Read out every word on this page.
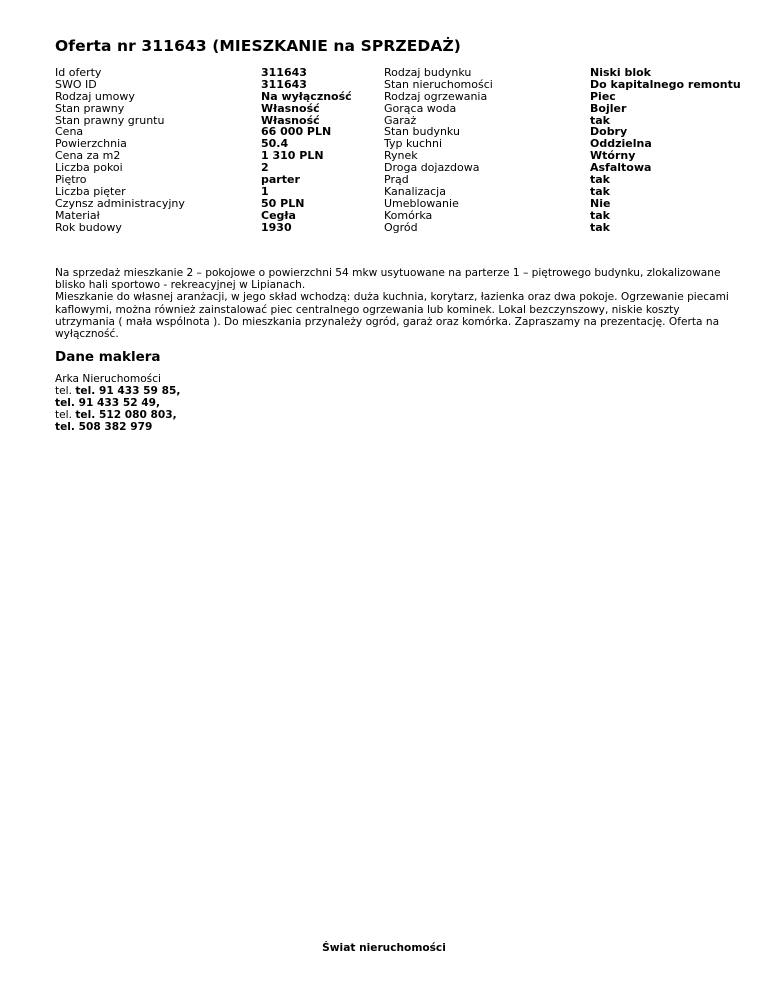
Oferta nr 311643 (MIESZKANIE na SPRZEDAŻ)
Id oferty
SWO ID
Rodzaj umowy
Stan prawny
Stan prawny gruntu
Cena
Powierzchnia
Cena za m2
Liczba pokoi
Piętro
Liczba pięter
Czynsz administracyjny
Materiał
Rok budowy
311643
311643
Na wyłączność
Własność
Własność
66 000 PLN
50.4
1 310 PLN
2
parter
1
50 PLN
Cegła
1930
Rodzaj budynku
Stan nieruchomości
Rodzaj ogrzewania
Gorąca woda
Garaż
Stan budynku
Typ kuchni
Rynek
Droga dojazdowa
Prąd
Kanalizacja
Umeblowanie
Komórka
Ogród
Niski blok
Do kapitalnego remontu
Piec
Bojler
tak
Dobry
Oddzielna
Wtórny
Asfaltowa
tak
tak
Nie
tak
tak

Na sprzedaż mieszkanie 2 – pokojowe o powierzchni 54 mkw usytuowane na parterze 1 – piętrowego budynku, zlokalizowane blisko hali sportowo - rekreacyjnej w Lipianach.

Mieszkanie do własnej aranżacji, w jego skład wchodzą: duża kuchnia, korytarz, łazienka oraz dwa pokoje. Ogrzewanie piecami kaflowymi, można również zainstalować piec centralnego ogrzewania lub kominek. Lokal bezczynszowy, niskie koszty utrzymania ( mała wspólnota ). Do mieszkania przynależy ogród, garaż oraz komórka. Zapraszamy na prezentację. Oferta na wyłączność.

Dane maklera
Arka Nieruchomości
tel. tel. 91 433 59 85,
tel. 91 433 52 49,
tel. tel. 512 080 803,
tel. 508 382 979
Świat nieruchomości
